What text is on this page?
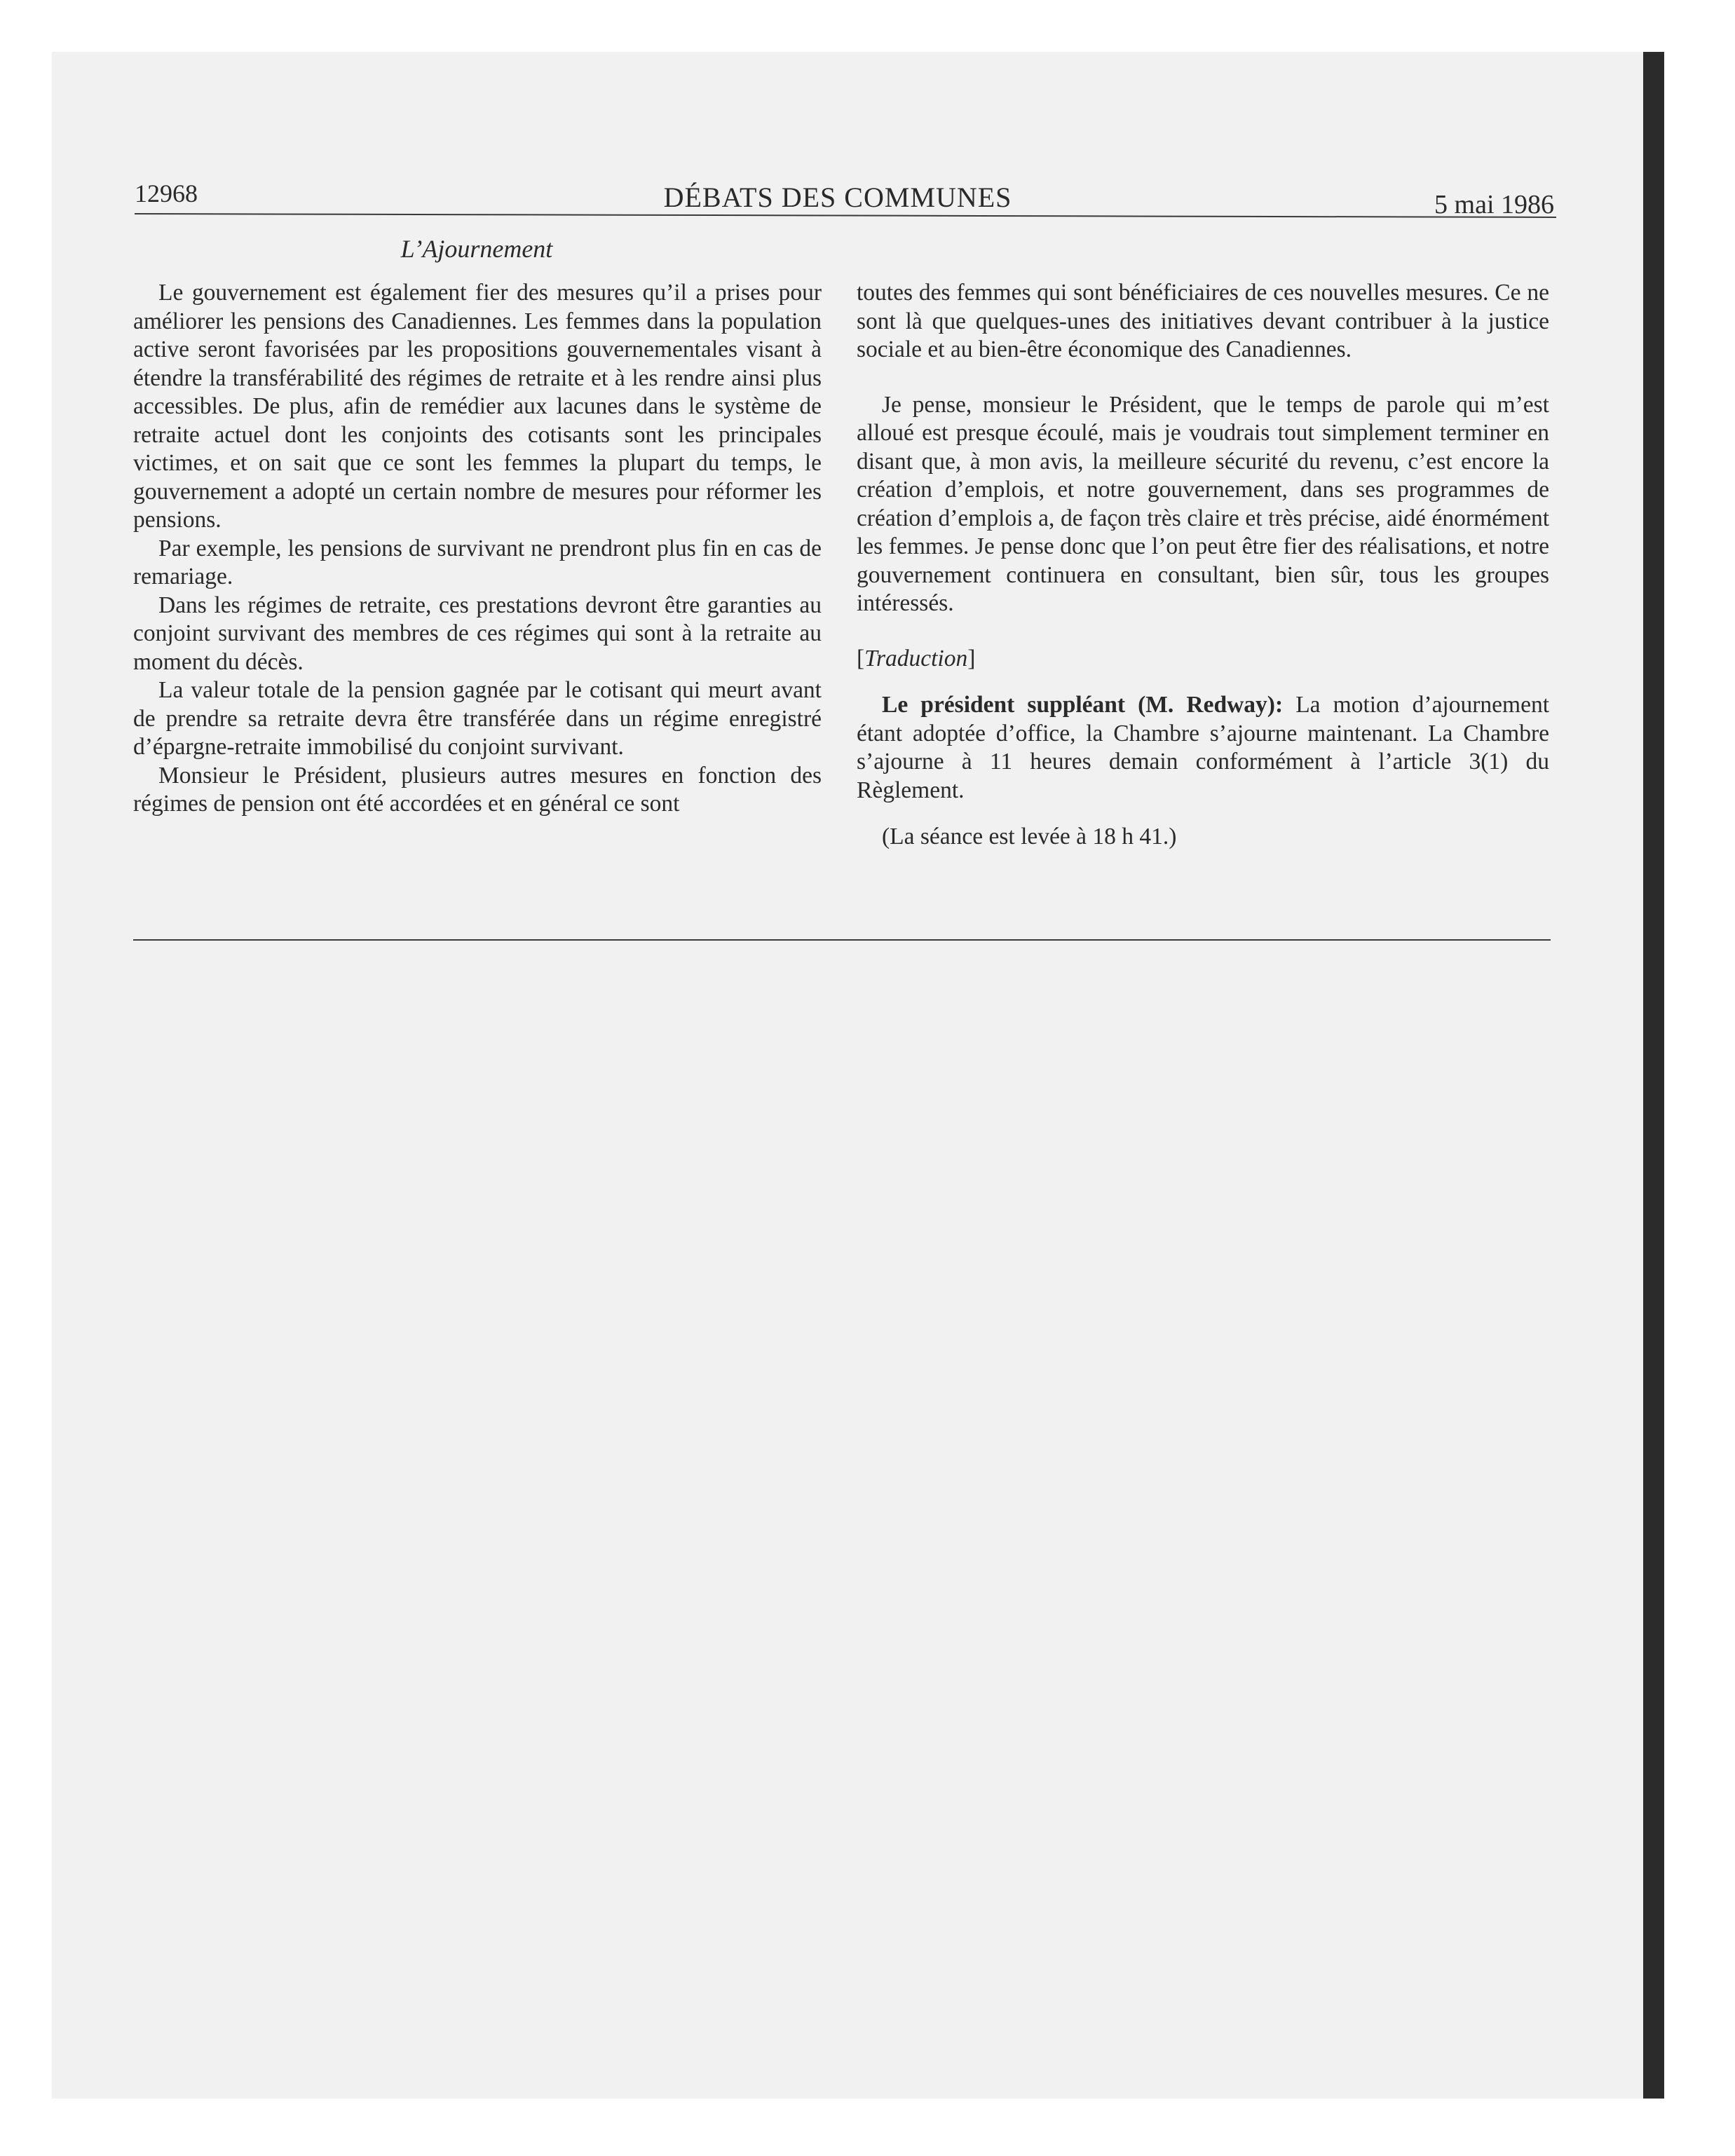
12968	DÉBATS DES COMMUNES	5 mai 1986
L’Ajournement

Le gouvernement est également fier des mesures qu’il a prises pour améliorer les pensions des Canadiennes. Les femmes dans la population active seront favorisées par les propositions gouvernementales visant à étendre la transférabilité des régimes de retraite et à les rendre ainsi plus accessibles. De plus, afin de remédier aux lacunes dans le système de retraite actuel dont les conjoints des cotisants sont les principales victimes, et on sait que ce sont les femmes la plupart du temps, le gouvernement a adopté un certain nombre de mesures pour réformer les pensions.

Par exemple, les pensions de survivant ne prendront plus fin en cas de remariage.

Dans les régimes de retraite, ces prestations devront être garanties au conjoint survivant des membres de ces régimes qui sont à la retraite au moment du décès.

La valeur totale de la pension gagnée par le cotisant qui meurt avant de prendre sa retraite devra être transférée dans un régime enregistré d’épargne-retraite immobilisé du conjoint survivant.

Monsieur le Président, plusieurs autres mesures en fonction des régimes de pension ont été accordées et en général ce sont

toutes des femmes qui sont bénéficiaires de ces nouvelles mesures. Ce ne sont là que quelques-unes des initiatives devant contribuer à la justice sociale et au bien-être économique des Canadiennes.

Je pense, monsieur le Président, que le temps de parole qui m’est alloué est presque écoulé, mais je voudrais tout simplement terminer en disant que, à mon avis, la meilleure sécurité du revenu, c’est encore la création d’emplois, et notre gouvernement, dans ses programmes de création d’emplois a, de façon très claire et très précise, aidé énormément les femmes. Je pense donc que l’on peut être fier des réalisations, et notre gouvernement continuera en consultant, bien sûr, tous les groupes intéressés.

[Traduction]

Le président suppléant (M. Redway): La motion d’ajournement étant adoptée d’office, la Chambre s’ajourne maintenant. La Chambre s’ajourne à 11 heures demain conformément à l’article 3(1) du Règlement.

(La séance est levée à 18 h 41.)
